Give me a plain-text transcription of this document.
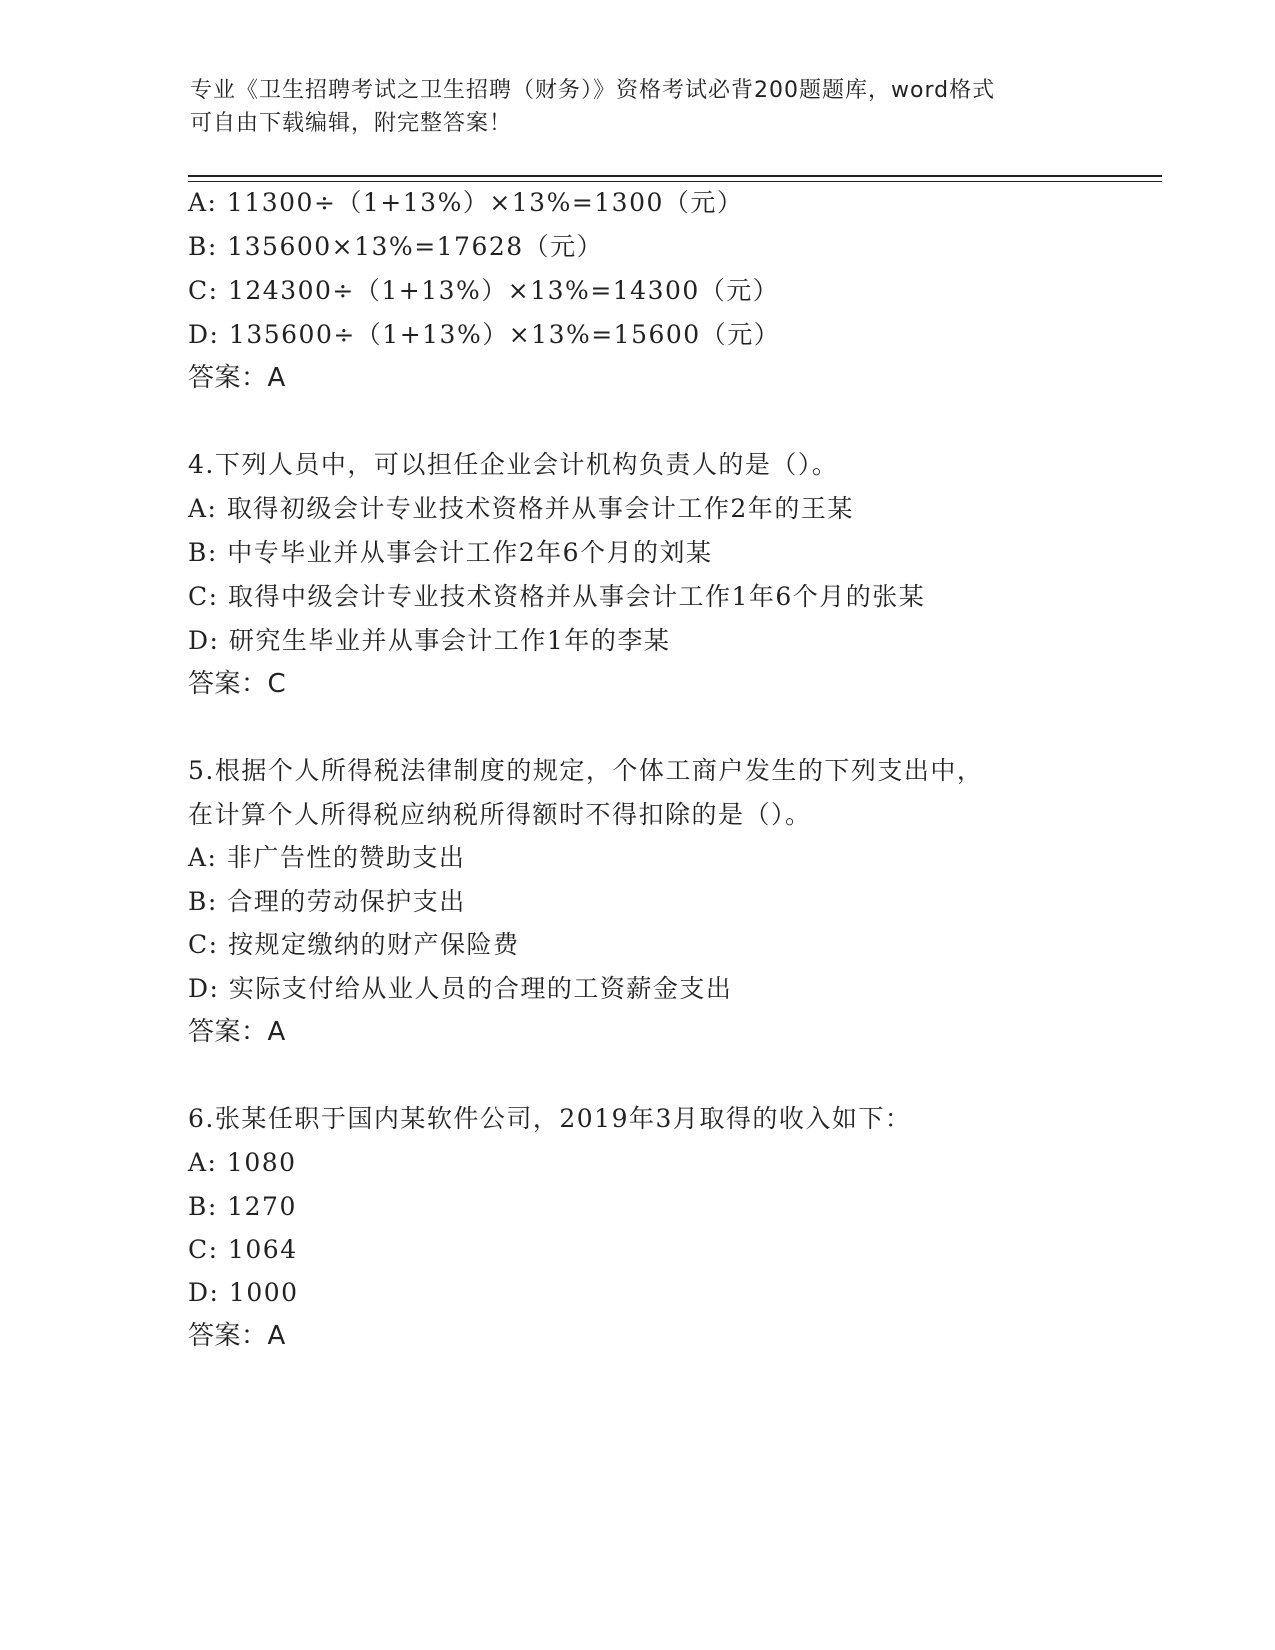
专业《卫生招聘考试之卫生招聘（财务）》资格考试必背200题题库，word格式
可自由下载编辑，附完整答案！
A: 11300÷（1+13%）×13%=1300（元）
B: 135600×13%=17628（元）
C: 124300÷（1+13%）×13%=14300（元）
D: 135600÷（1+13%）×13%=15600（元）
答案：A
4.下列人员中，可以担任企业会计机构负责人的是（）。
A: 取得初级会计专业技术资格并从事会计工作2年的王某
B: 中专毕业并从事会计工作2年6个月的刘某
C: 取得中级会计专业技术资格并从事会计工作1年6个月的张某
D: 研究生毕业并从事会计工作1年的李某
答案：C
5.根据个人所得税法律制度的规定，个体工商户发生的下列支出中，
在计算个人所得税应纳税所得额时不得扣除的是（）。
A: 非广告性的赞助支出
B: 合理的劳动保护支出
C: 按规定缴纳的财产保险费
D: 实际支付给从业人员的合理的工资薪金支出
答案：A
6.张某任职于国内某软件公司，2019年3月取得的收入如下：
A: 1080
B: 1270
C: 1064
D: 1000
答案：A
